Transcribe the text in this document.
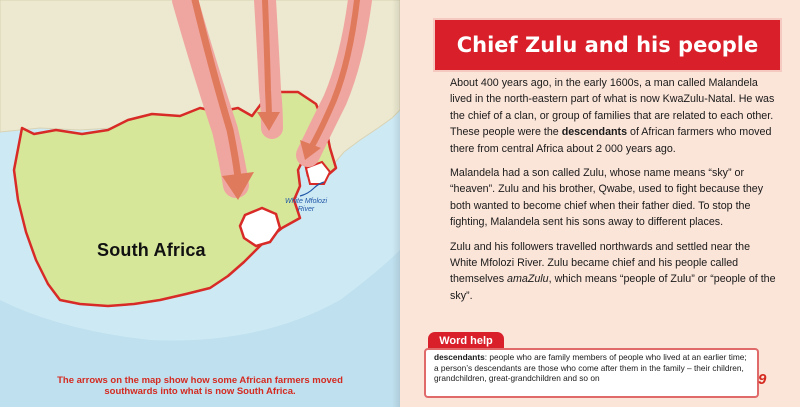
South Africa
White Mfolozi River
The arrows on the map show how some African farmers moved southwards into what is now South Africa.
Chief Zulu and his people

About 400 years ago, in the early 1600s, a man called Malandela lived in the north-eastern part of what is now KwaZulu-Natal. He was the chief of a clan, or group of families that are related to each other. These people were the descendants of African farmers who moved there from central Africa about 2 000 years ago.

Malandela had a son called Zulu, whose name means “sky” or “heaven”. Zulu and his brother, Qwabe, used to fight because they both wanted to become chief when their father died. To stop the fighting, Malandela sent his sons away to different places.

Zulu and his followers travelled northwards and settled near the White Mfolozi River. Zulu became chief and his people called themselves amaZulu, which means “people of Zulu” or “people of the sky”.

Word help
descendants: people who are family members of people who lived at an earlier time; a person’s descendants are those who come after them in the family – their children, grandchildren, great-grandchildren and so on	9
